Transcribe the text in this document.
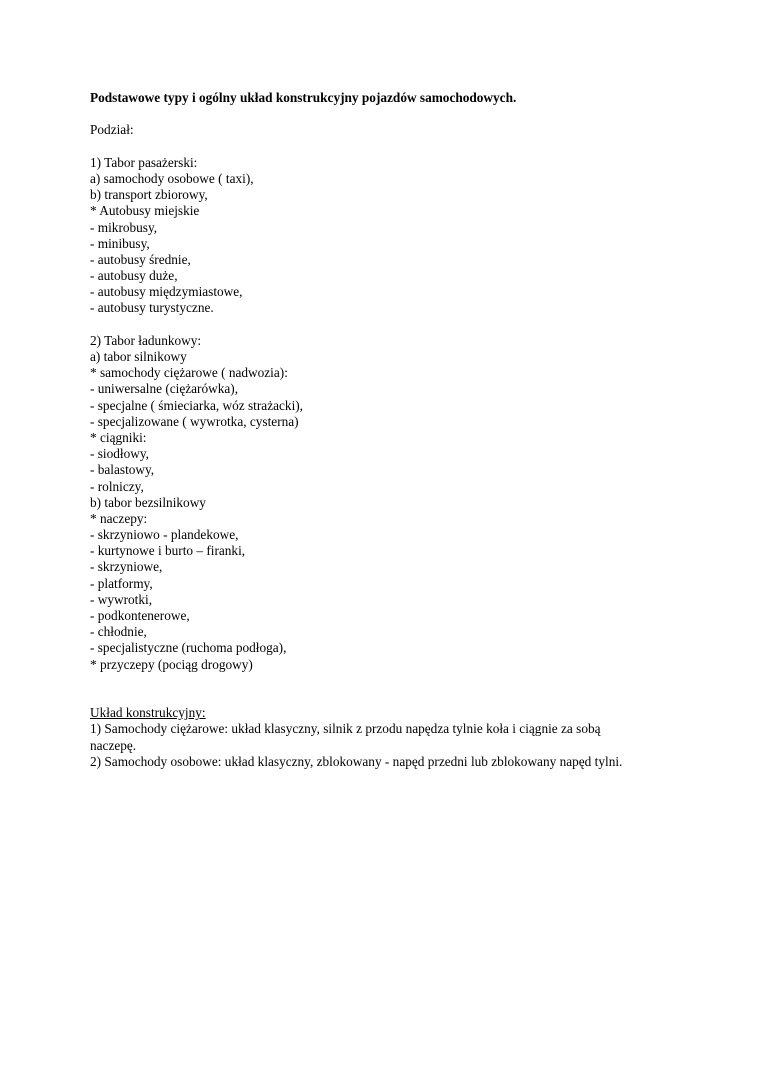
Podstawowe typy i ogólny układ konstrukcyjny pojazdów samochodowych.
Podział:
1) Tabor pasażerski:
a) samochody osobowe ( taxi),
b) transport zbiorowy,
* Autobusy miejskie
- mikrobusy,
- minibusy,
- autobusy średnie,
- autobusy duże,
- autobusy międzymiastowe,
- autobusy turystyczne.
2) Tabor ładunkowy:
a) tabor silnikowy
* samochody ciężarowe ( nadwozia):
- uniwersalne (ciężarówka),
- specjalne ( śmieciarka, wóz strażacki),
- specjalizowane ( wywrotka, cysterna)
* ciągniki:
- siodłowy,
- balastowy,
- rolniczy,
b) tabor bezsilnikowy
* naczepy:
- skrzyniowo - plandekowe,
- kurtynowe i burto – firanki,
- skrzyniowe,
- platformy,
- wywrotki,
- podkontenerowe,
- chłodnie,
- specjalistyczne (ruchoma podłoga),
* przyczepy (pociąg drogowy)
Układ konstrukcyjny:
1) Samochody ciężarowe: układ klasyczny, silnik z przodu napędza tylnie koła i ciągnie za sobą
naczepę.
2) Samochody osobowe: układ klasyczny, zblokowany - napęd przedni lub zblokowany napęd tylni.
